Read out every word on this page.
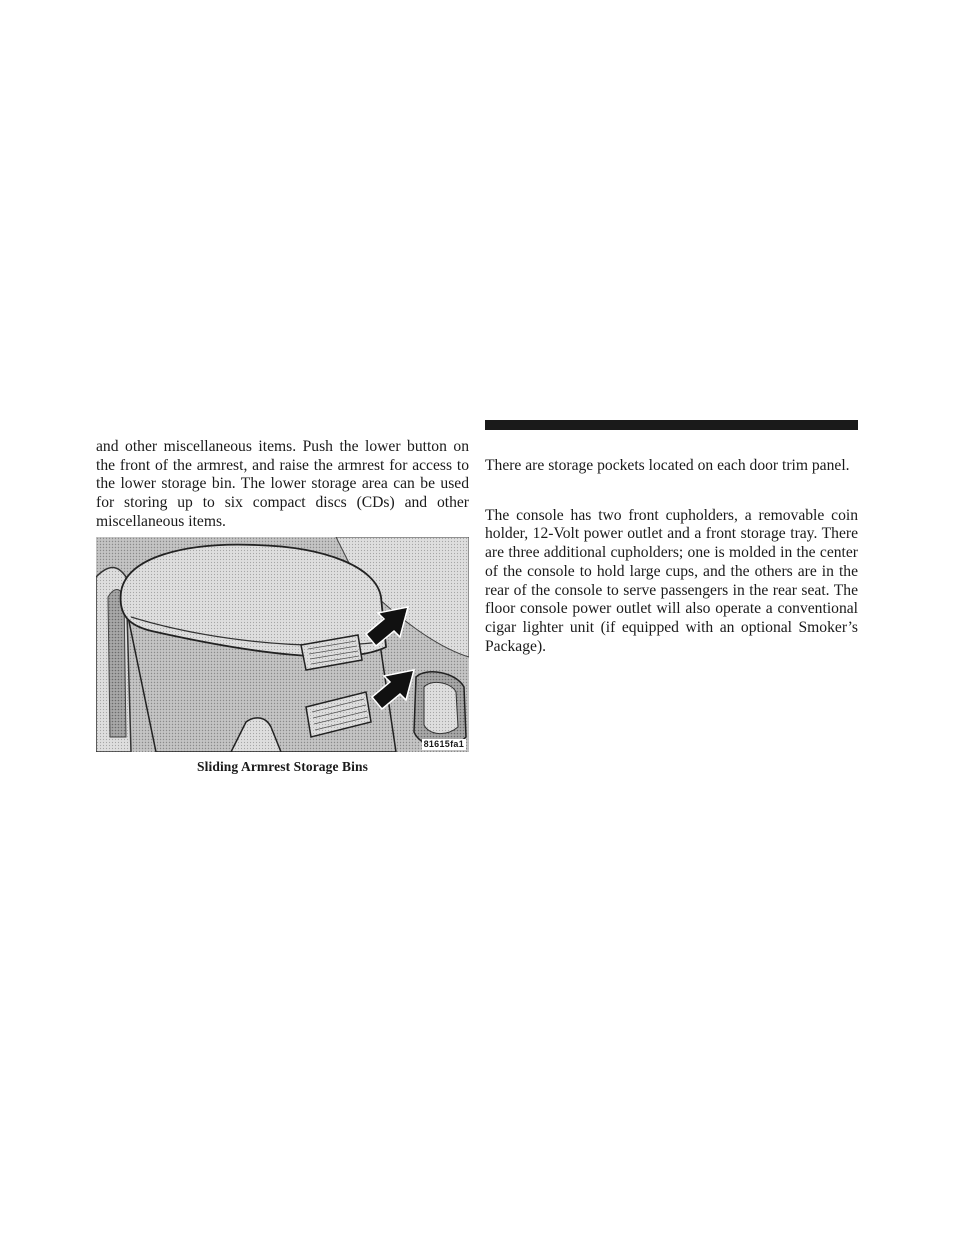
and other miscellaneous items. Push the lower button on the front of the armrest, and raise the armrest for access to the lower storage bin. The lower storage area can be used for storing up to six compact discs (CDs) and other miscellaneous items.

81615fa1
Sliding Armrest Storage Bins

There are storage pockets located on each door trim panel.

The console has two front cupholders, a removable coin holder, 12-Volt power outlet and a front storage tray. There are three additional cupholders; one is molded in the center of the console to hold large cups, and the others are in the rear of the console to serve passengers in the rear seat. The floor console power outlet will also operate a conventional cigar lighter unit (if equipped with an optional Smoker’s Package).
